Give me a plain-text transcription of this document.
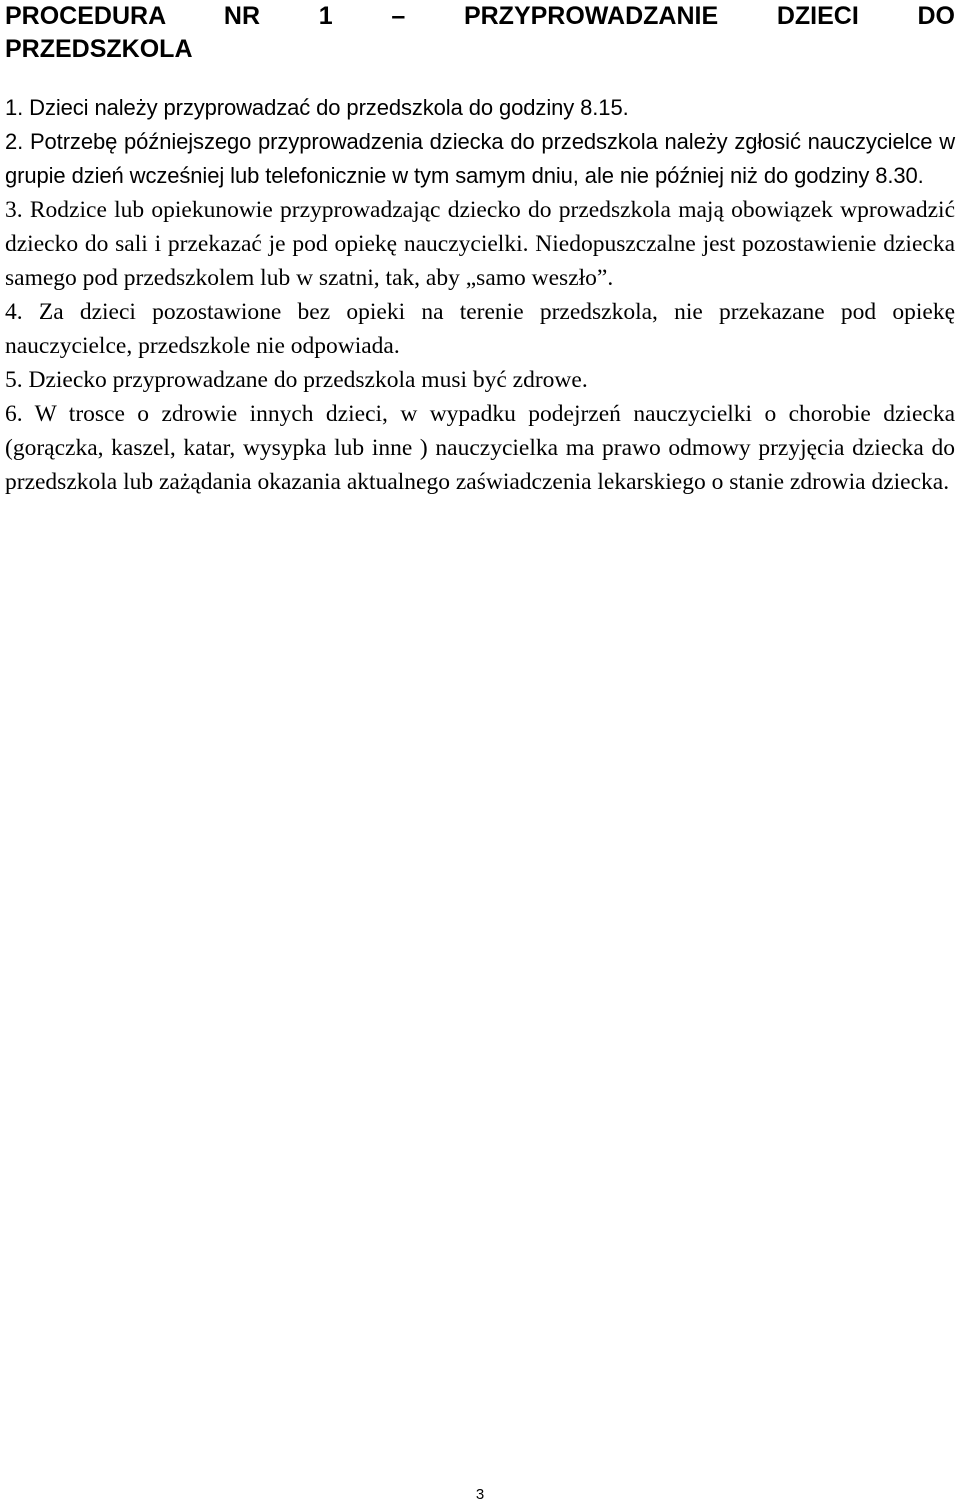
PROCEDURA NR 1 – PRZYPROWADZANIE DZIECI DO
PRZEDSZKOLA
1. Dzieci należy przyprowadzać do przedszkola do godziny 8.15.
2. Potrzebę późniejszego przyprowadzenia dziecka do przedszkola należy zgłosić nauczycielce w grupie dzień wcześniej lub telefonicznie w tym samym dniu, ale nie później niż do godziny 8.30.
3. Rodzice lub opiekunowie przyprowadzając dziecko do przedszkola mają obowiązek wprowadzić dziecko do sali i przekazać je pod opiekę nauczycielki. Niedopuszczalne jest pozostawienie dziecka samego pod przedszkolem lub w szatni, tak, aby „samo weszło”.
4. Za dzieci pozostawione bez opieki na terenie przedszkola, nie przekazane pod opiekę nauczycielce, przedszkole nie odpowiada.
5. Dziecko przyprowadzane do przedszkola musi być zdrowe.
6. W trosce o zdrowie innych dzieci, w wypadku podejrzeń nauczycielki o chorobie dziecka (gorączka, kaszel, katar, wysypka lub inne ) nauczycielka ma prawo odmowy przyjęcia dziecka do przedszkola lub zażądania okazania aktualnego zaświadczenia lekarskiego o stanie zdrowia dziecka.
3
